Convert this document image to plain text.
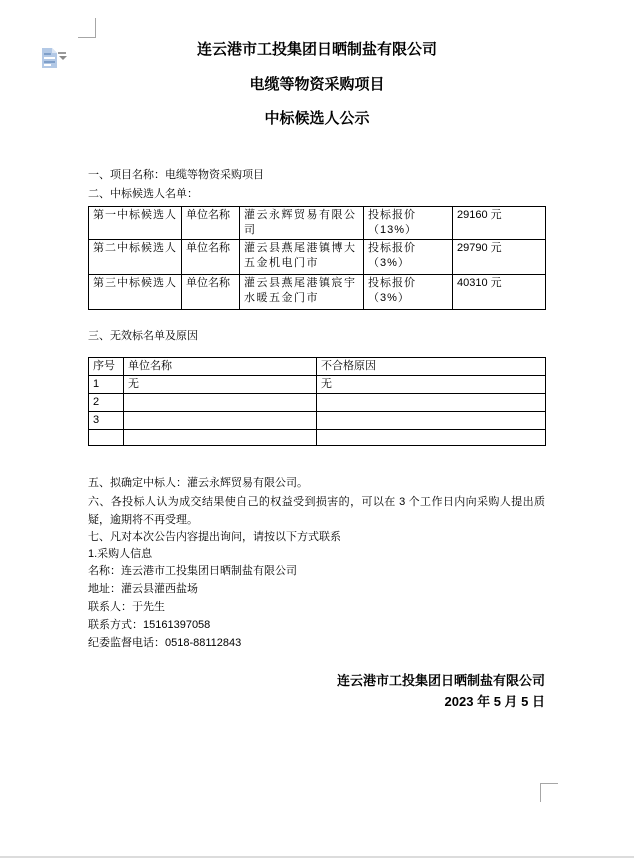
连云港市工投集团日晒制盐有限公司
电缆等物资采购项目
中标候选人公示
一、项目名称：电缆等物资采购项目
二、中标候选人名单：
第一中标候选人	单位名称	灌云永辉贸易有限公司	投标报价（13%）	29160 元
第二中标候选人	单位名称	灌云县燕尾港镇博大五金机电门市	投标报价（3%）	29790 元
第三中标候选人	单位名称	灌云县燕尾港镇宸宇水暖五金门市	投标报价（3%）	40310 元
三、无效标名单及原因
序号	单位名称	不合格原因
1	无	无
2		
3		

五、拟确定中标人：灌云永辉贸易有限公司。
六、各投标人认为成交结果使自己的权益受到损害的，可以在 3 个工作日内向采购人提出质疑，逾期将不再受理。
七、凡对本次公告内容提出询问，请按以下方式联系
1.采购人信息
名称：连云港市工投集团日晒制盐有限公司
地址：灌云县灌西盐场
联系人：于先生
联系方式：15161397058
纪委监督电话：0518-88112843
连云港市工投集团日晒制盐有限公司
2023 年 5 月 5 日
